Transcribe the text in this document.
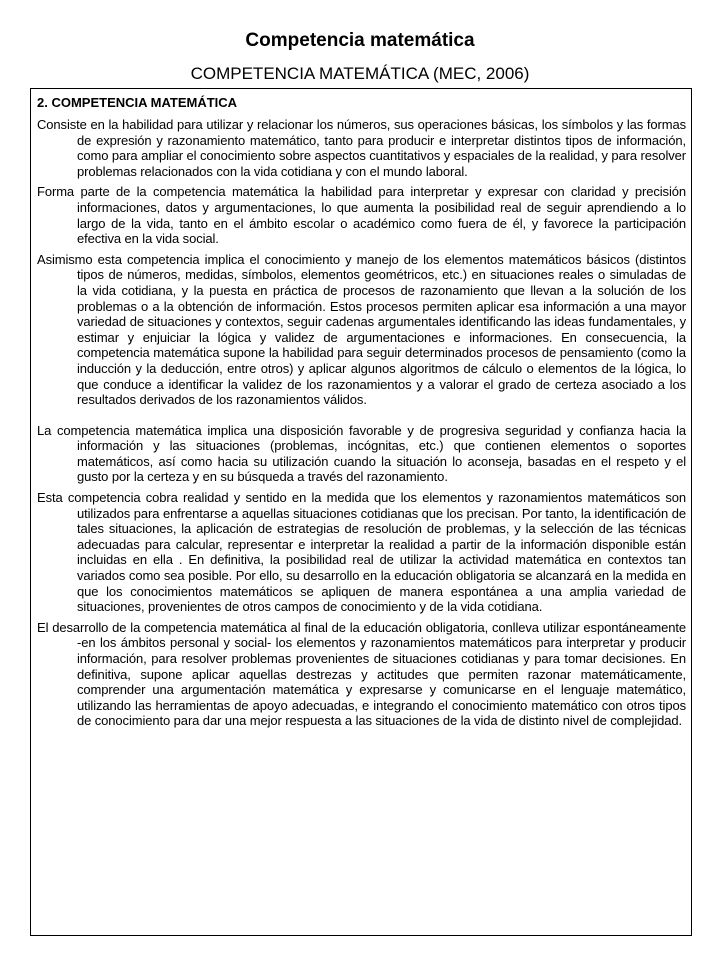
Competencia matemática
COMPETENCIA MATEMÁTICA (MEC, 2006)
2. COMPETENCIA MATEMÁTICA

Consiste en la habilidad para utilizar y relacionar los números, sus operaciones básicas, los símbolos y las formas de expresión y razonamiento matemático, tanto para producir e interpretar distintos tipos de información, como para ampliar el conocimiento sobre aspectos cuantitativos y espaciales de la realidad, y para resolver problemas relacionados con la vida cotidiana y con el mundo laboral.

Forma parte de la competencia matemática la habilidad para interpretar y expresar con claridad y precisión informaciones, datos y argumentaciones, lo que aumenta la posibilidad real de seguir aprendiendo a lo largo de la vida, tanto en el ámbito escolar o académico como fuera de él, y favorece la participación efectiva en la vida social.

Asimismo esta competencia implica el conocimiento y manejo de los elementos matemáticos básicos (distintos tipos de números, medidas, símbolos, elementos geométricos, etc.) en situaciones reales o simuladas de la vida cotidiana, y la puesta en práctica de procesos de razonamiento que llevan a la solución de los problemas o a la obtención de información. Estos procesos permiten aplicar esa información a una mayor variedad de situaciones y contextos, seguir cadenas argumentales identificando las ideas fundamentales, y estimar y enjuiciar la lógica y validez de argumentaciones e informaciones. En consecuencia, la competencia matemática supone la habilidad para seguir determinados procesos de pensamiento (como la inducción y la deducción, entre otros) y aplicar algunos algoritmos de cálculo o elementos de la lógica, lo que conduce a identificar la validez de los razonamientos y a valorar el grado de certeza asociado a los resultados derivados de los razonamientos válidos.

La competencia matemática implica una disposición favorable y de progresiva seguridad y confianza hacia la información y las situaciones (problemas, incógnitas, etc.) que contienen elementos o soportes matemáticos, así como hacia su utilización cuando la situación lo aconseja, basadas en el respeto y el gusto por la certeza y en su búsqueda a través del razonamiento.

Esta competencia cobra realidad y sentido en la medida que los elementos y razonamientos matemáticos son utilizados para enfrentarse a aquellas situaciones cotidianas que los precisan. Por tanto, la identificación de tales situaciones, la aplicación de estrategias de resolución de problemas, y la selección de las técnicas adecuadas para calcular, representar e interpretar la realidad a partir de la información disponible están incluidas en ella . En definitiva, la posibilidad real de utilizar la actividad matemática en contextos tan variados como sea posible. Por ello, su desarrollo en la educación obligatoria se alcanzará en la medida en que los conocimientos matemáticos se apliquen de manera espontánea a una amplia variedad de situaciones, provenientes de otros campos de conocimiento y de la vida cotidiana.

El desarrollo de la competencia matemática al final de la educación obligatoria, conlleva utilizar espontáneamente -en los ámbitos personal y social- los elementos y razonamientos matemáticos para interpretar y producir información, para resolver problemas provenientes de situaciones cotidianas y para tomar decisiones. En definitiva, supone aplicar aquellas destrezas y actitudes que permiten razonar matemáticamente, comprender una argumentación matemática y expresarse y comunicarse en el lenguaje matemático, utilizando las herramientas de apoyo adecuadas, e integrando el conocimiento matemático con otros tipos de conocimiento para dar una mejor respuesta a las situaciones de la vida de distinto nivel de complejidad.
